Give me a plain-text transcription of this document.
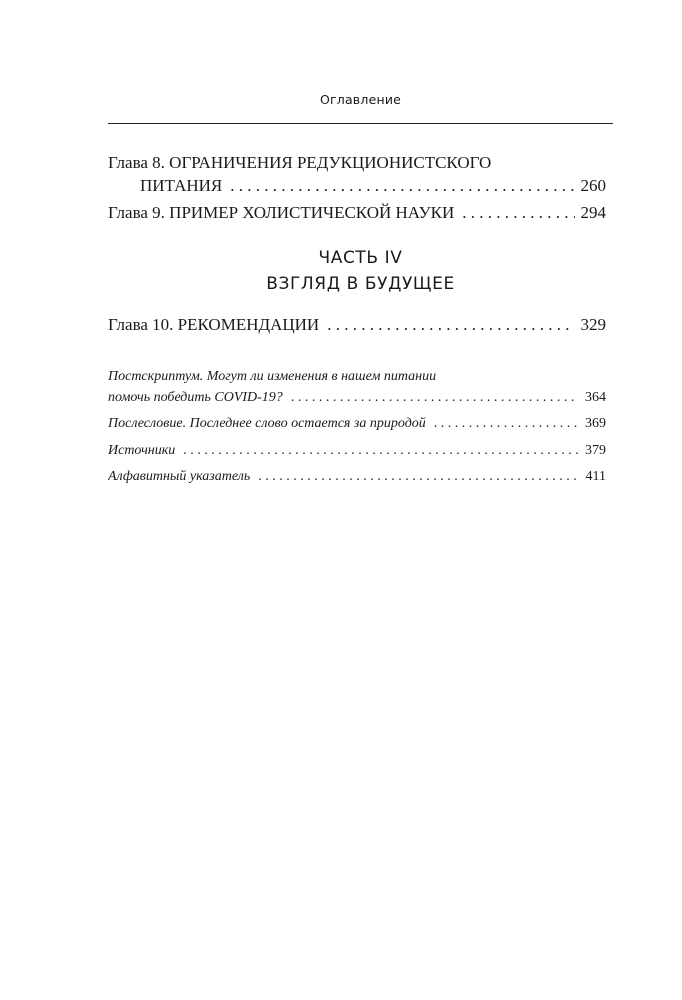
Оглавление
Глава 8. ОГРАНИЧЕНИЯ РЕДУКЦИОНИСТСКОГО
ПИТАНИЯ . . .	260
Глава 9. ПРИМЕР ХОЛИСТИЧЕСКОЙ НАУКИ . . .	294
ЧАСТЬ IV
ВЗГЛЯД В БУДУЩЕЕ
Глава 10. РЕКОМЕНДАЦИИ . . .	329
Постскриптум. Могут ли изменения в нашем питании
помочь победить COVID-19? . . .	364
Послесловие. Последнее слово остается за природой . . .	369
Источники . . .	379
Алфавитный указатель . . .	411
